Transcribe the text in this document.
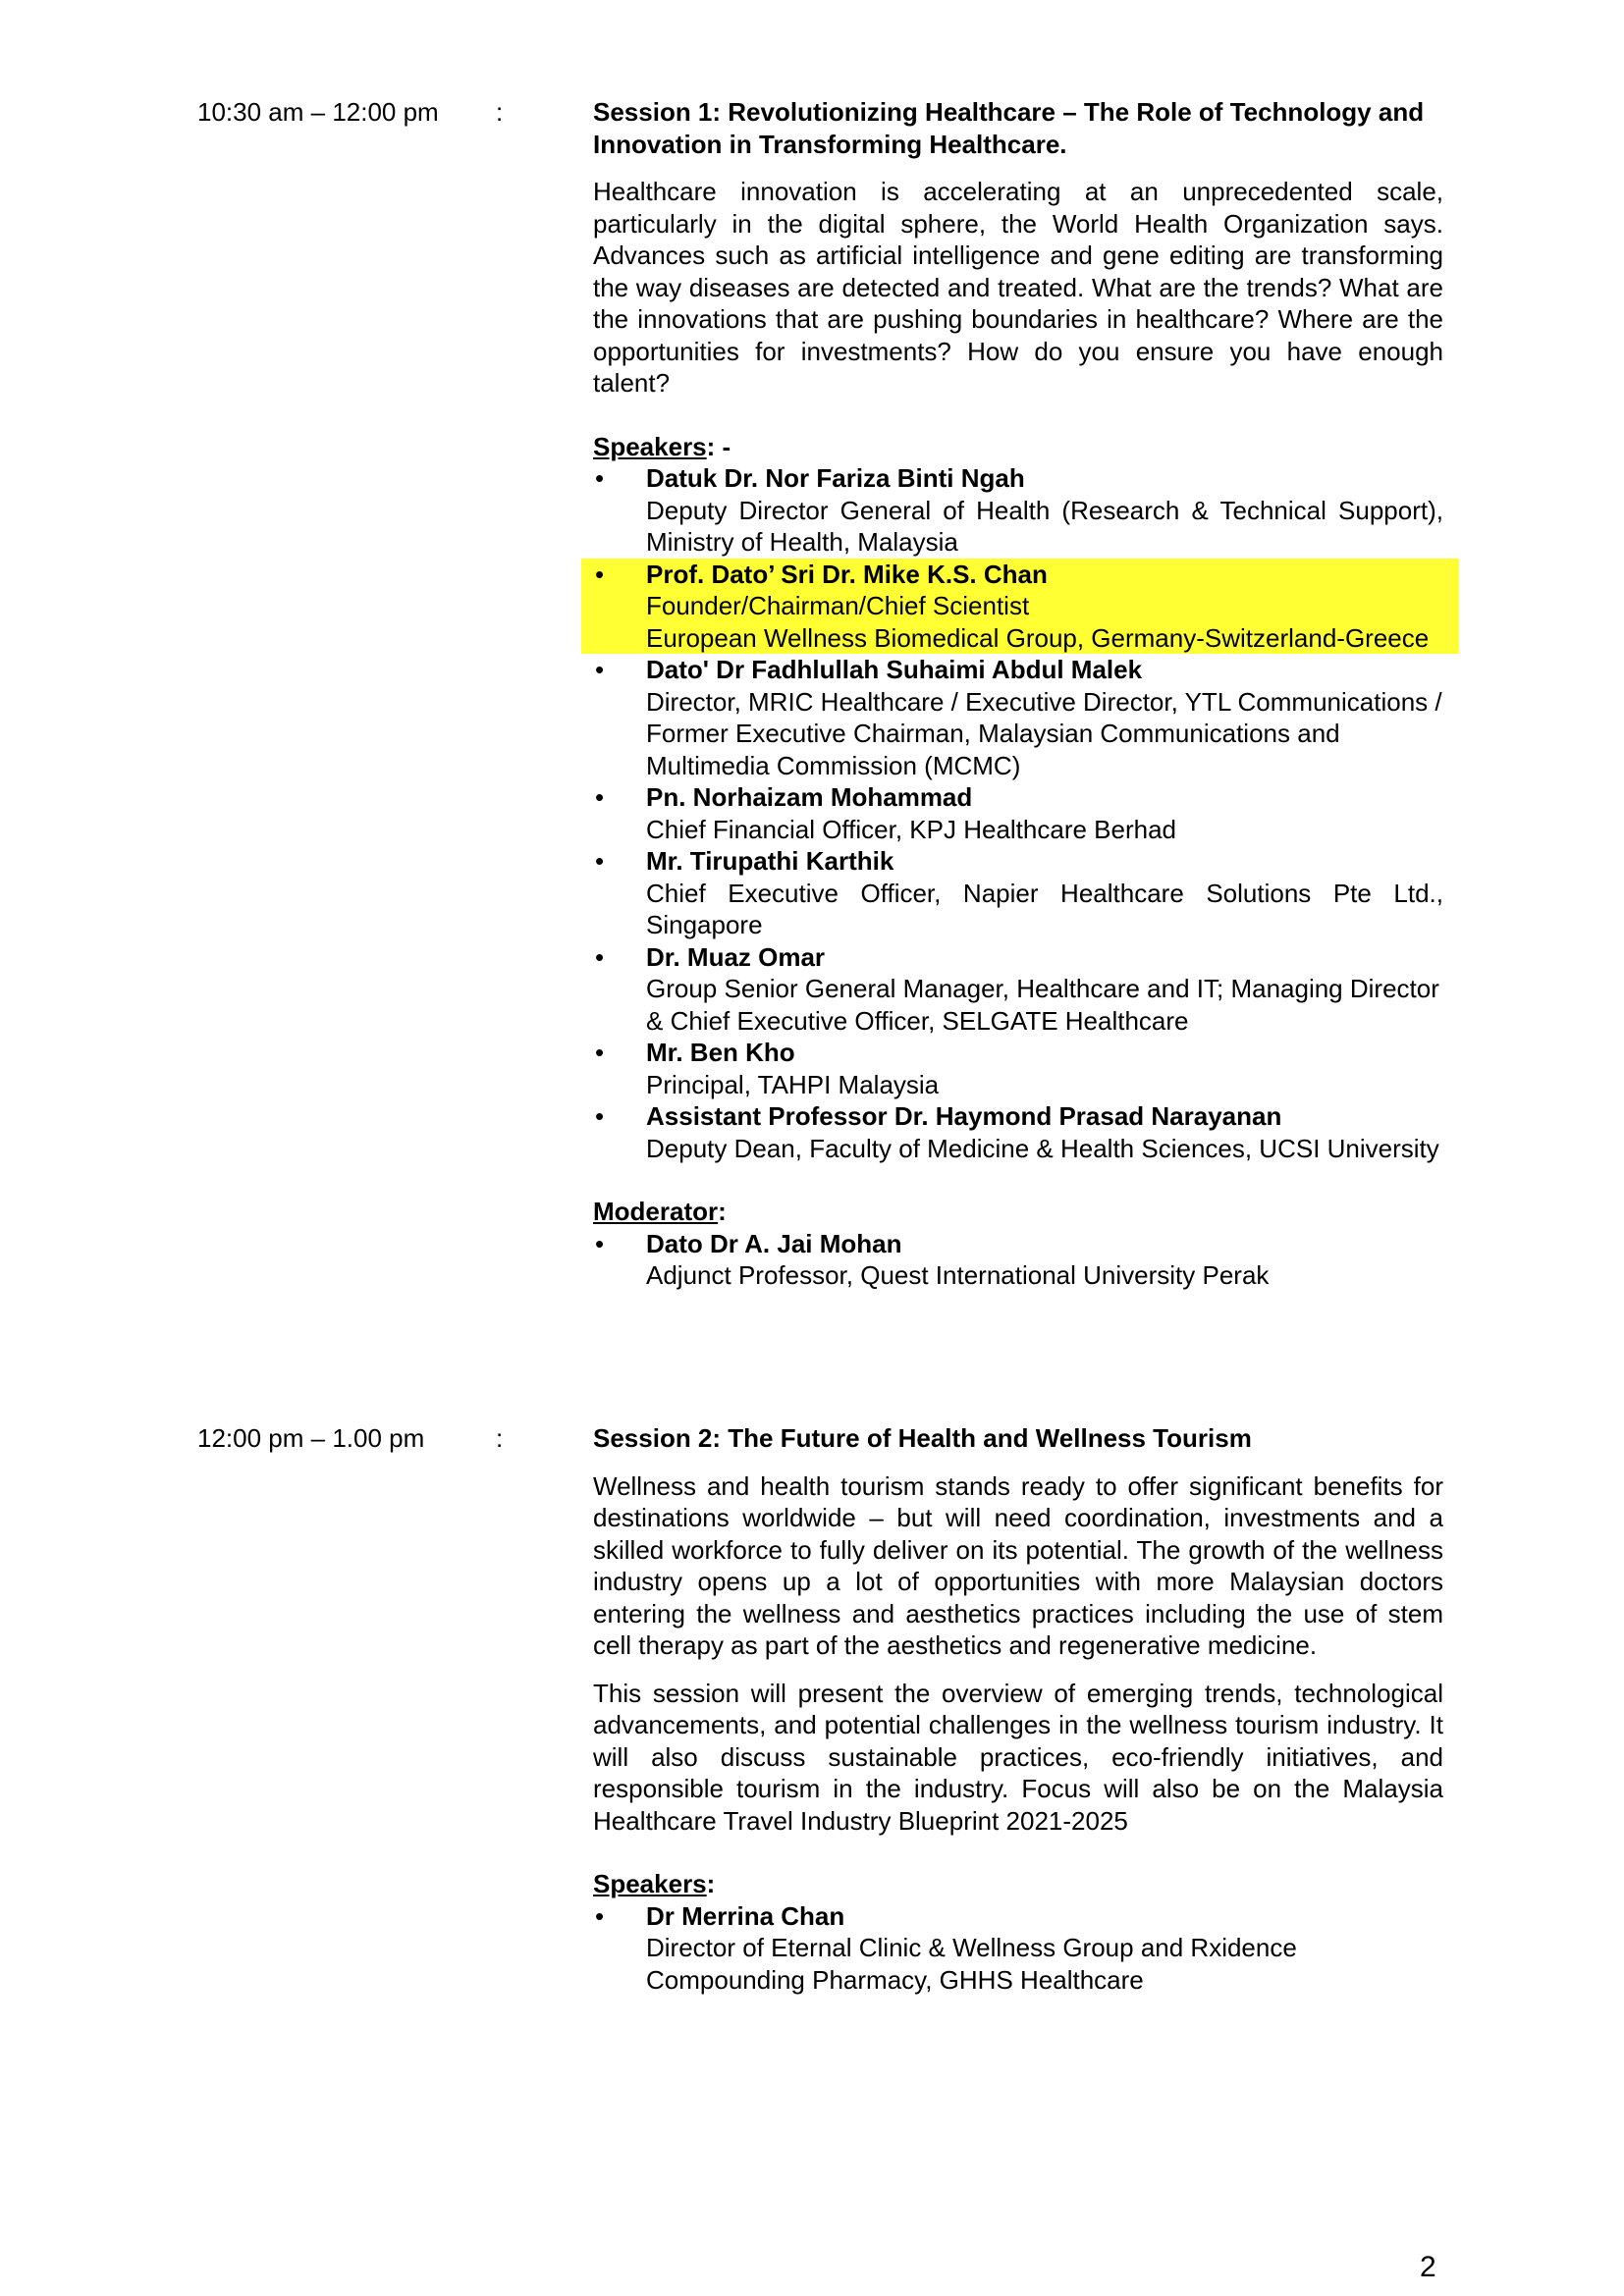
10:30 am – 12:00 pm :	Session 1: Revolutionizing Healthcare – The Role of Technology and Innovation in Transforming Healthcare.

Healthcare innovation is accelerating at an unprecedented scale, particularly in the digital sphere, the World Health Organization says. Advances such as artificial intelligence and gene editing are transforming the way diseases are detected and treated. What are the trends? What are the innovations that are pushing boundaries in healthcare? Where are the opportunities for investments? How do you ensure you have enough talent?

Speakers: -

• Datuk Dr. Nor Fariza Binti Ngah
Deputy Director General of Health (Research & Technical Support), Ministry of Health, Malaysia
• Prof. Dato’ Sri Dr. Mike K.S. Chan
Founder/Chairman/Chief Scientist
European Wellness Biomedical Group, Germany-Switzerland-Greece
• Dato' Dr Fadhlullah Suhaimi Abdul Malek
Director, MRIC Healthcare / Executive Director, YTL Communications / Former Executive Chairman, Malaysian Communications and Multimedia Commission (MCMC)
• Pn. Norhaizam Mohammad
Chief Financial Officer, KPJ Healthcare Berhad
• Mr. Tirupathi Karthik
Chief Executive Officer, Napier Healthcare Solutions Pte Ltd., Singapore
• Dr. Muaz Omar
Group Senior General Manager, Healthcare and IT; Managing Director & Chief Executive Officer, SELGATE Healthcare
• Mr. Ben Kho
Principal, TAHPI Malaysia
• Assistant Professor Dr. Haymond Prasad Narayanan
Deputy Dean, Faculty of Medicine & Health Sciences, UCSI University

Moderator:

• Dato Dr A. Jai Mohan
Adjunct Professor, Quest International University Perak
12:00 pm – 1.00 pm	:	Session 2: The Future of Health and Wellness Tourism

Wellness and health tourism stands ready to offer significant benefits for destinations worldwide – but will need coordination, investments and a skilled workforce to fully deliver on its potential. The growth of the wellness industry opens up a lot of opportunities with more Malaysian doctors entering the wellness and aesthetics practices including the use of stem cell therapy as part of the aesthetics and regenerative medicine.

This session will present the overview of emerging trends, technological advancements, and potential challenges in the wellness tourism industry. It will also discuss sustainable practices, eco-friendly initiatives, and responsible tourism in the industry. Focus will also be on the Malaysia Healthcare Travel Industry Blueprint 2021-2025

Speakers:

• Dr Merrina Chan
Director of Eternal Clinic & Wellness Group and Rxidence Compounding Pharmacy, GHHS Healthcare
2
